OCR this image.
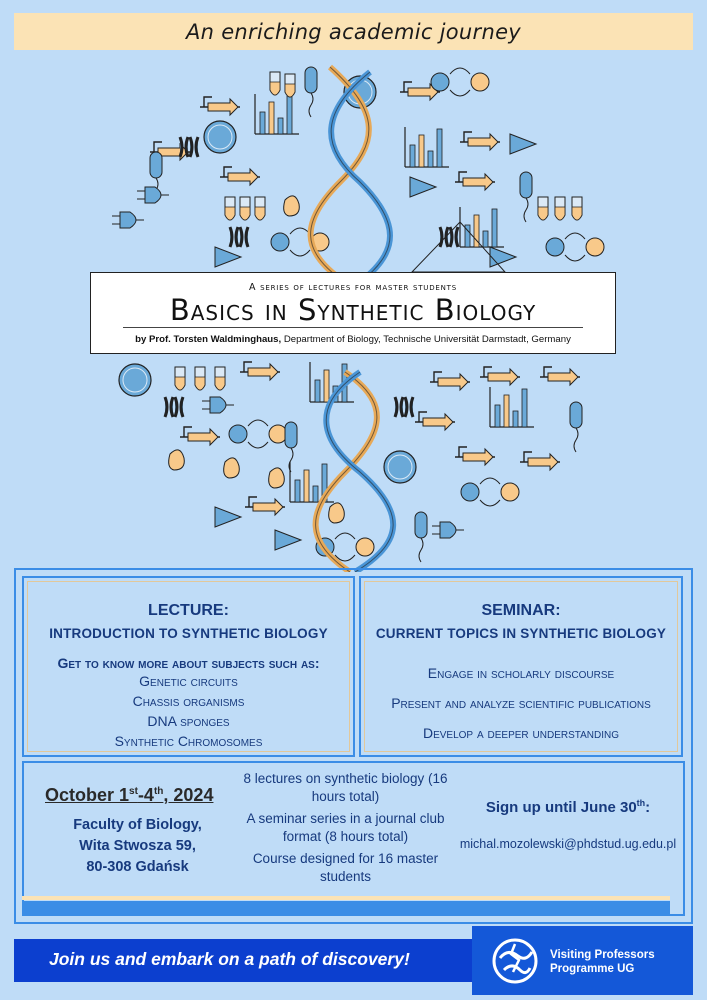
An enriching academic journey
A series of lectures for master students
Basics in Synthetic Biology
by Prof. Torsten Waldminghaus, Department of Biology, Technische Universität Darmstadt, Germany
LECTURE:
INTRODUCTION TO SYNTHETIC BIOLOGY
Get to know more about subjects such as:
Genetic circuits
Chassis organisms
DNA sponges
Synthetic Chromosomes
SEMINAR:
CURRENT TOPICS IN SYNTHETIC BIOLOGY
Engage in scholarly discourse
Present and analyze scientific publications
Develop a deeper understanding
October 1st-4th, 2024
Faculty of Biology,
Wita Stwosza 59,
80-308 Gdańsk
8 lectures on synthetic biology (16 hours total)
A seminar series in a journal club format (8 hours total)
Course designed for 16 master students
Sign up until June 30th:
michal.mozolewski@phdstud.ug.edu.pl
Join us and embark on a path of discovery!	Visiting Professors
Programme UG
